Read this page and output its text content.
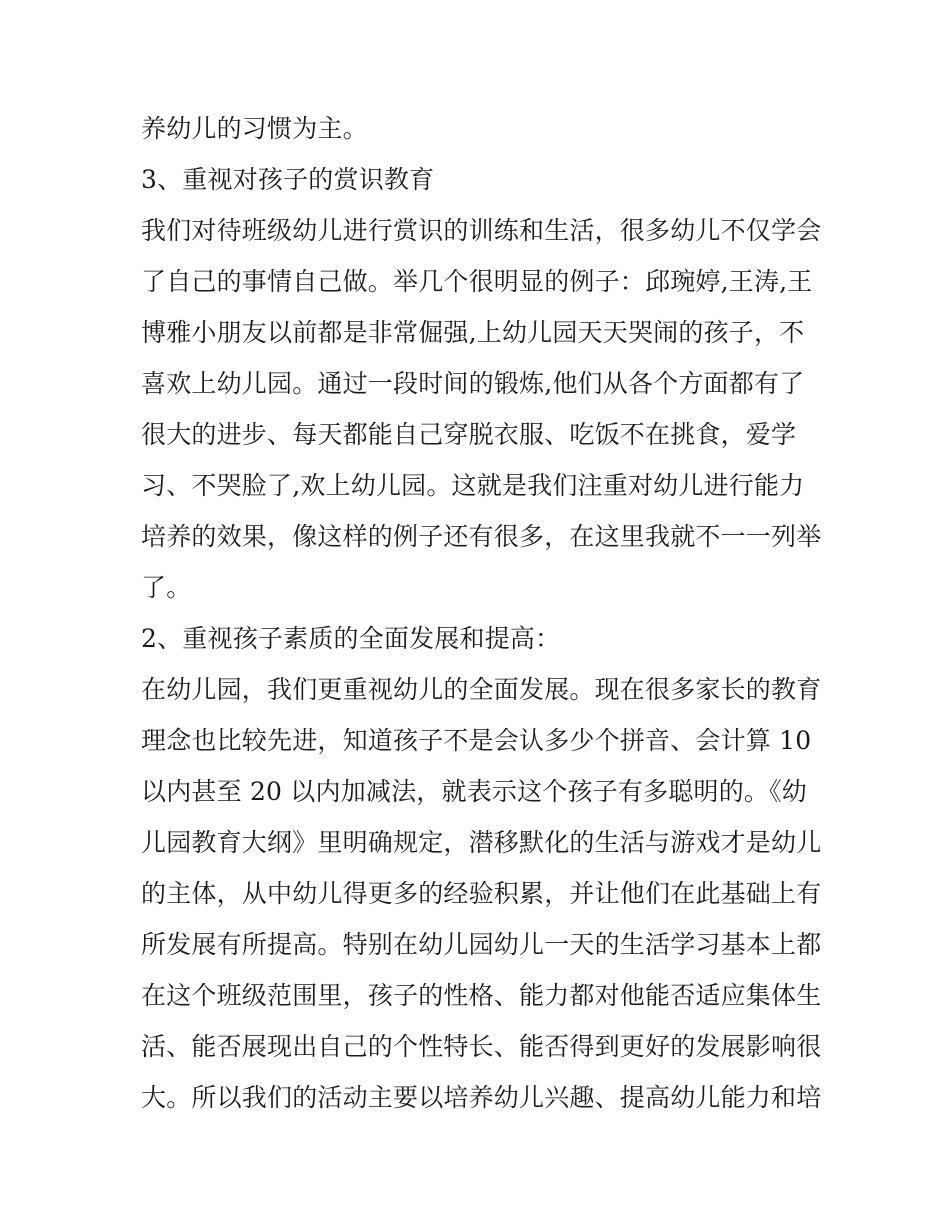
养幼儿的习惯为主。
3、重视对孩子的赏识教育
我们对待班级幼儿进行赏识的训练和生活，很多幼儿不仅学会
了自己的事情自己做。举几个很明显的例子：邱琬婷,王涛,王
博雅小朋友以前都是非常倔强,上幼儿园天天哭闹的孩子，不
喜欢上幼儿园。通过一段时间的锻炼,他们从各个方面都有了
很大的进步、每天都能自己穿脱衣服、吃饭不在挑食，爱学
习、不哭脸了,欢上幼儿园。这就是我们注重对幼儿进行能力
培养的效果，像这样的例子还有很多，在这里我就不一一列举
了。
2、重视孩子素质的全面发展和提高：
在幼儿园，我们更重视幼儿的全面发展。现在很多家长的教育
理念也比较先进，知道孩子不是会认多少个拼音、会计算 10
以内甚至 20 以内加减法，就表示这个孩子有多聪明的。《幼
儿园教育大纲》里明确规定，潜移默化的生活与游戏才是幼儿
的主体，从中幼儿得更多的经验积累，并让他们在此基础上有
所发展有所提高。特别在幼儿园幼儿一天的生活学习基本上都
在这个班级范围里，孩子的性格、能力都对他能否适应集体生
活、能否展现出自己的个性特长、能否得到更好的发展影响很
大。所以我们的活动主要以培养幼儿兴趣、提高幼儿能力和培
